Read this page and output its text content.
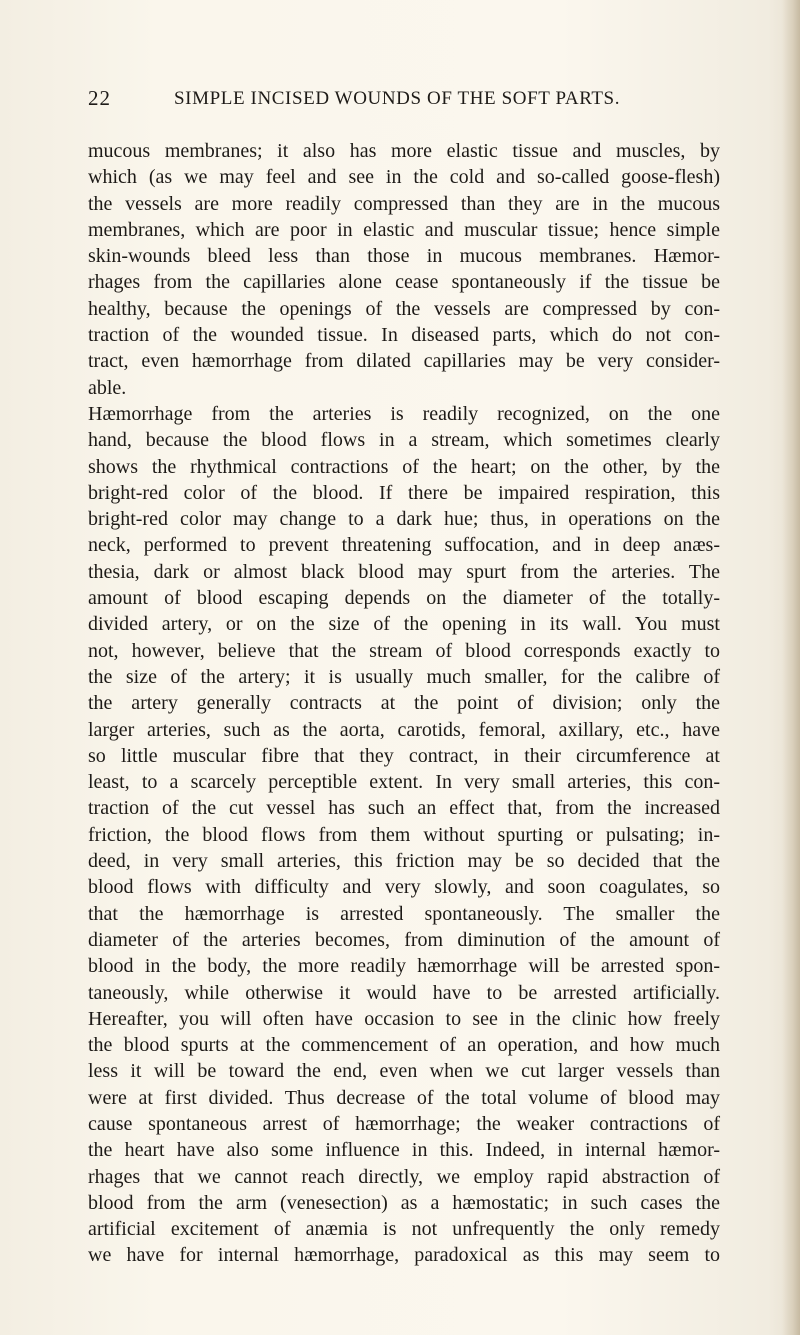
22	SIMPLE INCISED WOUNDS OF THE SOFT PARTS.
mucous membranes; it also has more elastic tissue and muscles, by
which (as we may feel and see in the cold and so-called goose-flesh)
the vessels are more readily compressed than they are in the mucous
membranes, which are poor in elastic and muscular tissue; hence simple
skin-wounds bleed less than those in mucous membranes. Hæmor-
rhages from the capillaries alone cease spontaneously if the tissue be
healthy, because the openings of the vessels are compressed by con-
traction of the wounded tissue. In diseased parts, which do not con-
tract, even hæmorrhage from dilated capillaries may be very consider-
able.
Hæmorrhage from the arteries is readily recognized, on the one
hand, because the blood flows in a stream, which sometimes clearly
shows the rhythmical contractions of the heart; on the other, by the
bright-red color of the blood. If there be impaired respiration, this
bright-red color may change to a dark hue; thus, in operations on the
neck, performed to prevent threatening suffocation, and in deep anæs-
thesia, dark or almost black blood may spurt from the arteries. The
amount of blood escaping depends on the diameter of the totally-
divided artery, or on the size of the opening in its wall. You must
not, however, believe that the stream of blood corresponds exactly to
the size of the artery; it is usually much smaller, for the calibre of
the artery generally contracts at the point of division; only the
larger arteries, such as the aorta, carotids, femoral, axillary, etc., have
so little muscular fibre that they contract, in their circumference at
least, to a scarcely perceptible extent. In very small arteries, this con-
traction of the cut vessel has such an effect that, from the increased
friction, the blood flows from them without spurting or pulsating; in-
deed, in very small arteries, this friction may be so decided that the
blood flows with difficulty and very slowly, and soon coagulates, so
that the hæmorrhage is arrested spontaneously. The smaller the
diameter of the arteries becomes, from diminution of the amount of
blood in the body, the more readily hæmorrhage will be arrested spon-
taneously, while otherwise it would have to be arrested artificially.
Hereafter, you will often have occasion to see in the clinic how freely
the blood spurts at the commencement of an operation, and how much
less it will be toward the end, even when we cut larger vessels than
were at first divided. Thus decrease of the total volume of blood may
cause spontaneous arrest of hæmorrhage; the weaker contractions of
the heart have also some influence in this. Indeed, in internal hæmor-
rhages that we cannot reach directly, we employ rapid abstraction of
blood from the arm (venesection) as a hæmostatic; in such cases the
artificial excitement of anæmia is not unfrequently the only remedy
we have for internal hæmorrhage, paradoxical as this may seem to
